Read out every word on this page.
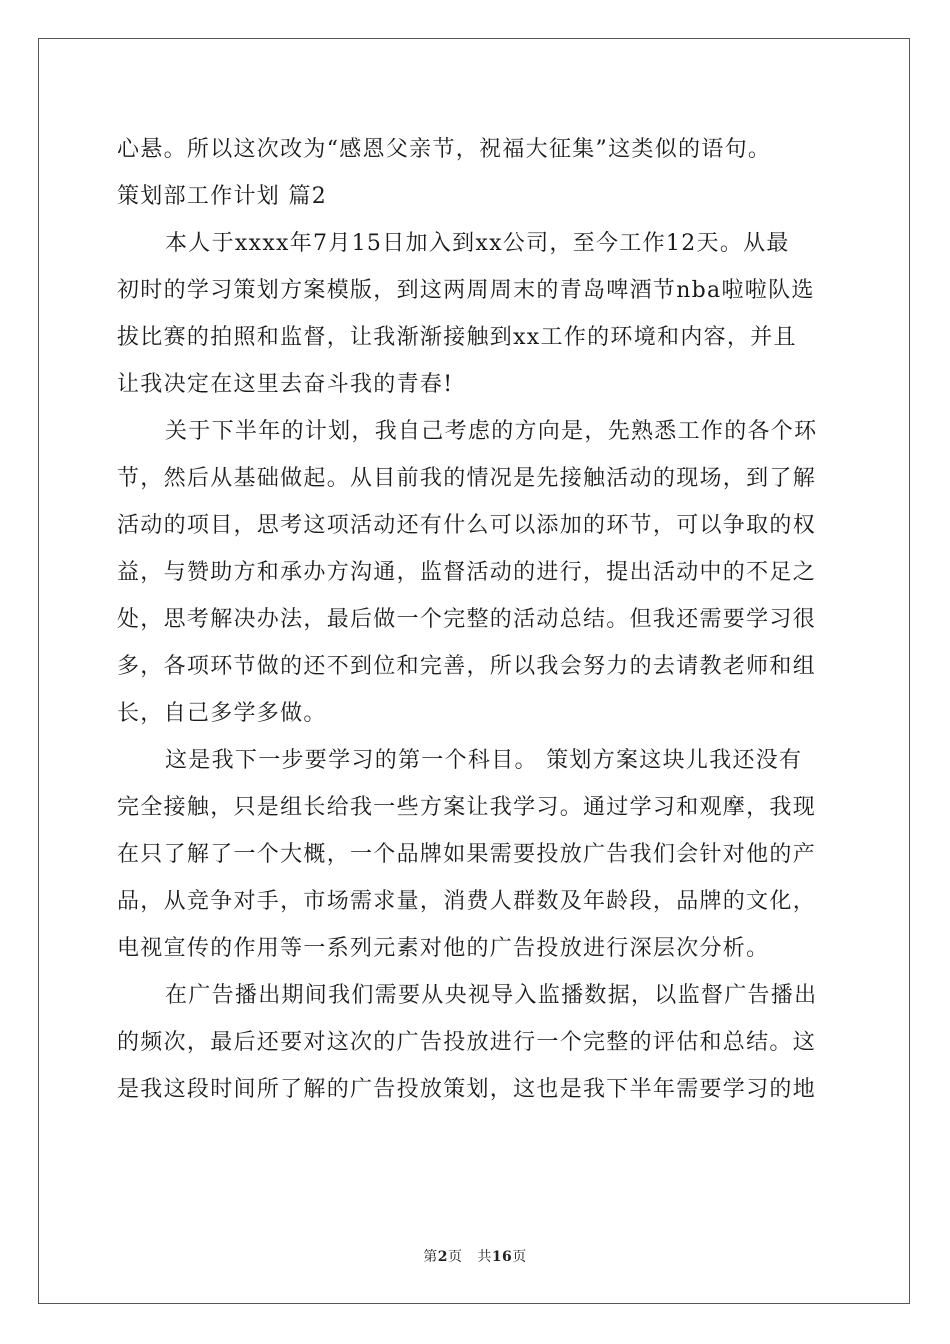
心悬。所以这次改为“感恩父亲节，祝福大征集”这类似的语句。
策划部工作计划 篇2
本人于xxxx年7月15日加入到xx公司，至今工作12天。从最
初时的学习策划方案模版，到这两周周末的青岛啤酒节nba啦啦队选
拔比赛的拍照和监督，让我渐渐接触到xx工作的环境和内容，并且
让我决定在这里去奋斗我的青春!
关于下半年的计划，我自己考虑的方向是，先熟悉工作的各个环
节，然后从基础做起。从目前我的情况是先接触活动的现场，到了解
活动的项目，思考这项活动还有什么可以添加的环节，可以争取的权
益，与赞助方和承办方沟通，监督活动的进行，提出活动中的不足之
处，思考解决办法，最后做一个完整的活动总结。但我还需要学习很
多，各项环节做的还不到位和完善，所以我会努力的去请教老师和组
长，自己多学多做。
这是我下一步要学习的第一个科目。 策划方案这块儿我还没有
完全接触，只是组长给我一些方案让我学习。通过学习和观摩，我现
在只了解了一个大概，一个品牌如果需要投放广告我们会针对他的产
品，从竞争对手，市场需求量，消费人群数及年龄段，品牌的文化，
电视宣传的作用等一系列元素对他的广告投放进行深层次分析。
在广告播出期间我们需要从央视导入监播数据，以监督广告播出
的频次，最后还要对这次的广告投放进行一个完整的评估和总结。这
是我这段时间所了解的广告投放策划，这也是我下半年需要学习的地
第2页 共16页
